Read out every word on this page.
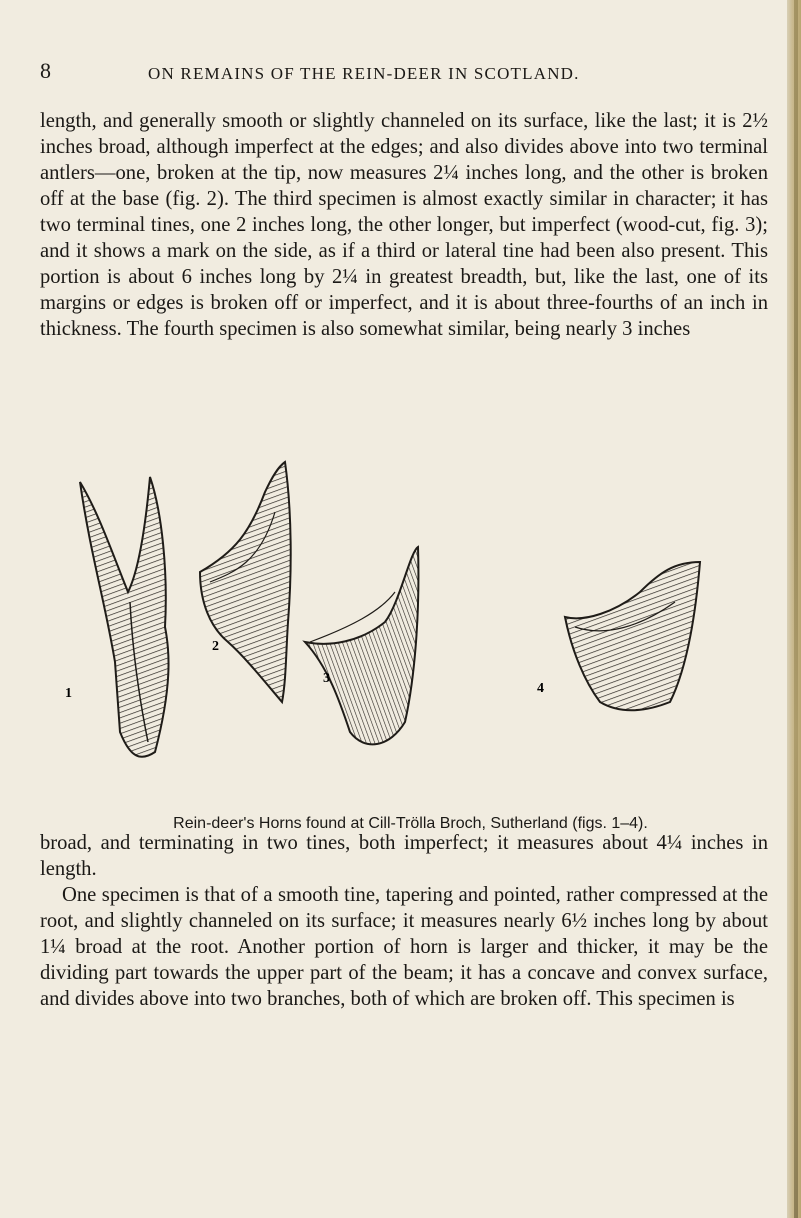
8	ON REMAINS OF THE REIN-DEER IN SCOTLAND.

length, and generally smooth or slightly channeled on its surface, like the last; it is 2½ inches broad, although imperfect at the edges; and also divides above into two terminal antlers—one, broken at the tip, now measures 2¼ inches long, and the other is broken off at the base (fig. 2). The third specimen is almost exactly similar in character; it has two terminal tines, one 2 inches long, the other longer, but imperfect (wood-cut, fig. 3); and it shows a mark on the side, as if a third or lateral tine had been also present. This portion is about 6 inches long by 2¼ in greatest breadth, but, like the last, one of its margins or edges is broken off or imperfect, and it is about three-fourths of an inch in thickness. The fourth specimen is also somewhat similar, being nearly 3 inches

1
2
3
4

Rein-deer's Horns found at Cill-Trölla Broch, Sutherland (figs. 1–4).

broad, and terminating in two tines, both imperfect; it measures about 4¼ inches in length.

One specimen is that of a smooth tine, tapering and pointed, rather compressed at the root, and slightly channeled on its surface; it measures nearly 6½ inches long by about 1¼ broad at the root. Another portion of horn is larger and thicker, it may be the dividing part towards the upper part of the beam; it has a concave and convex surface, and divides above into two branches, both of which are broken off. This specimen is
